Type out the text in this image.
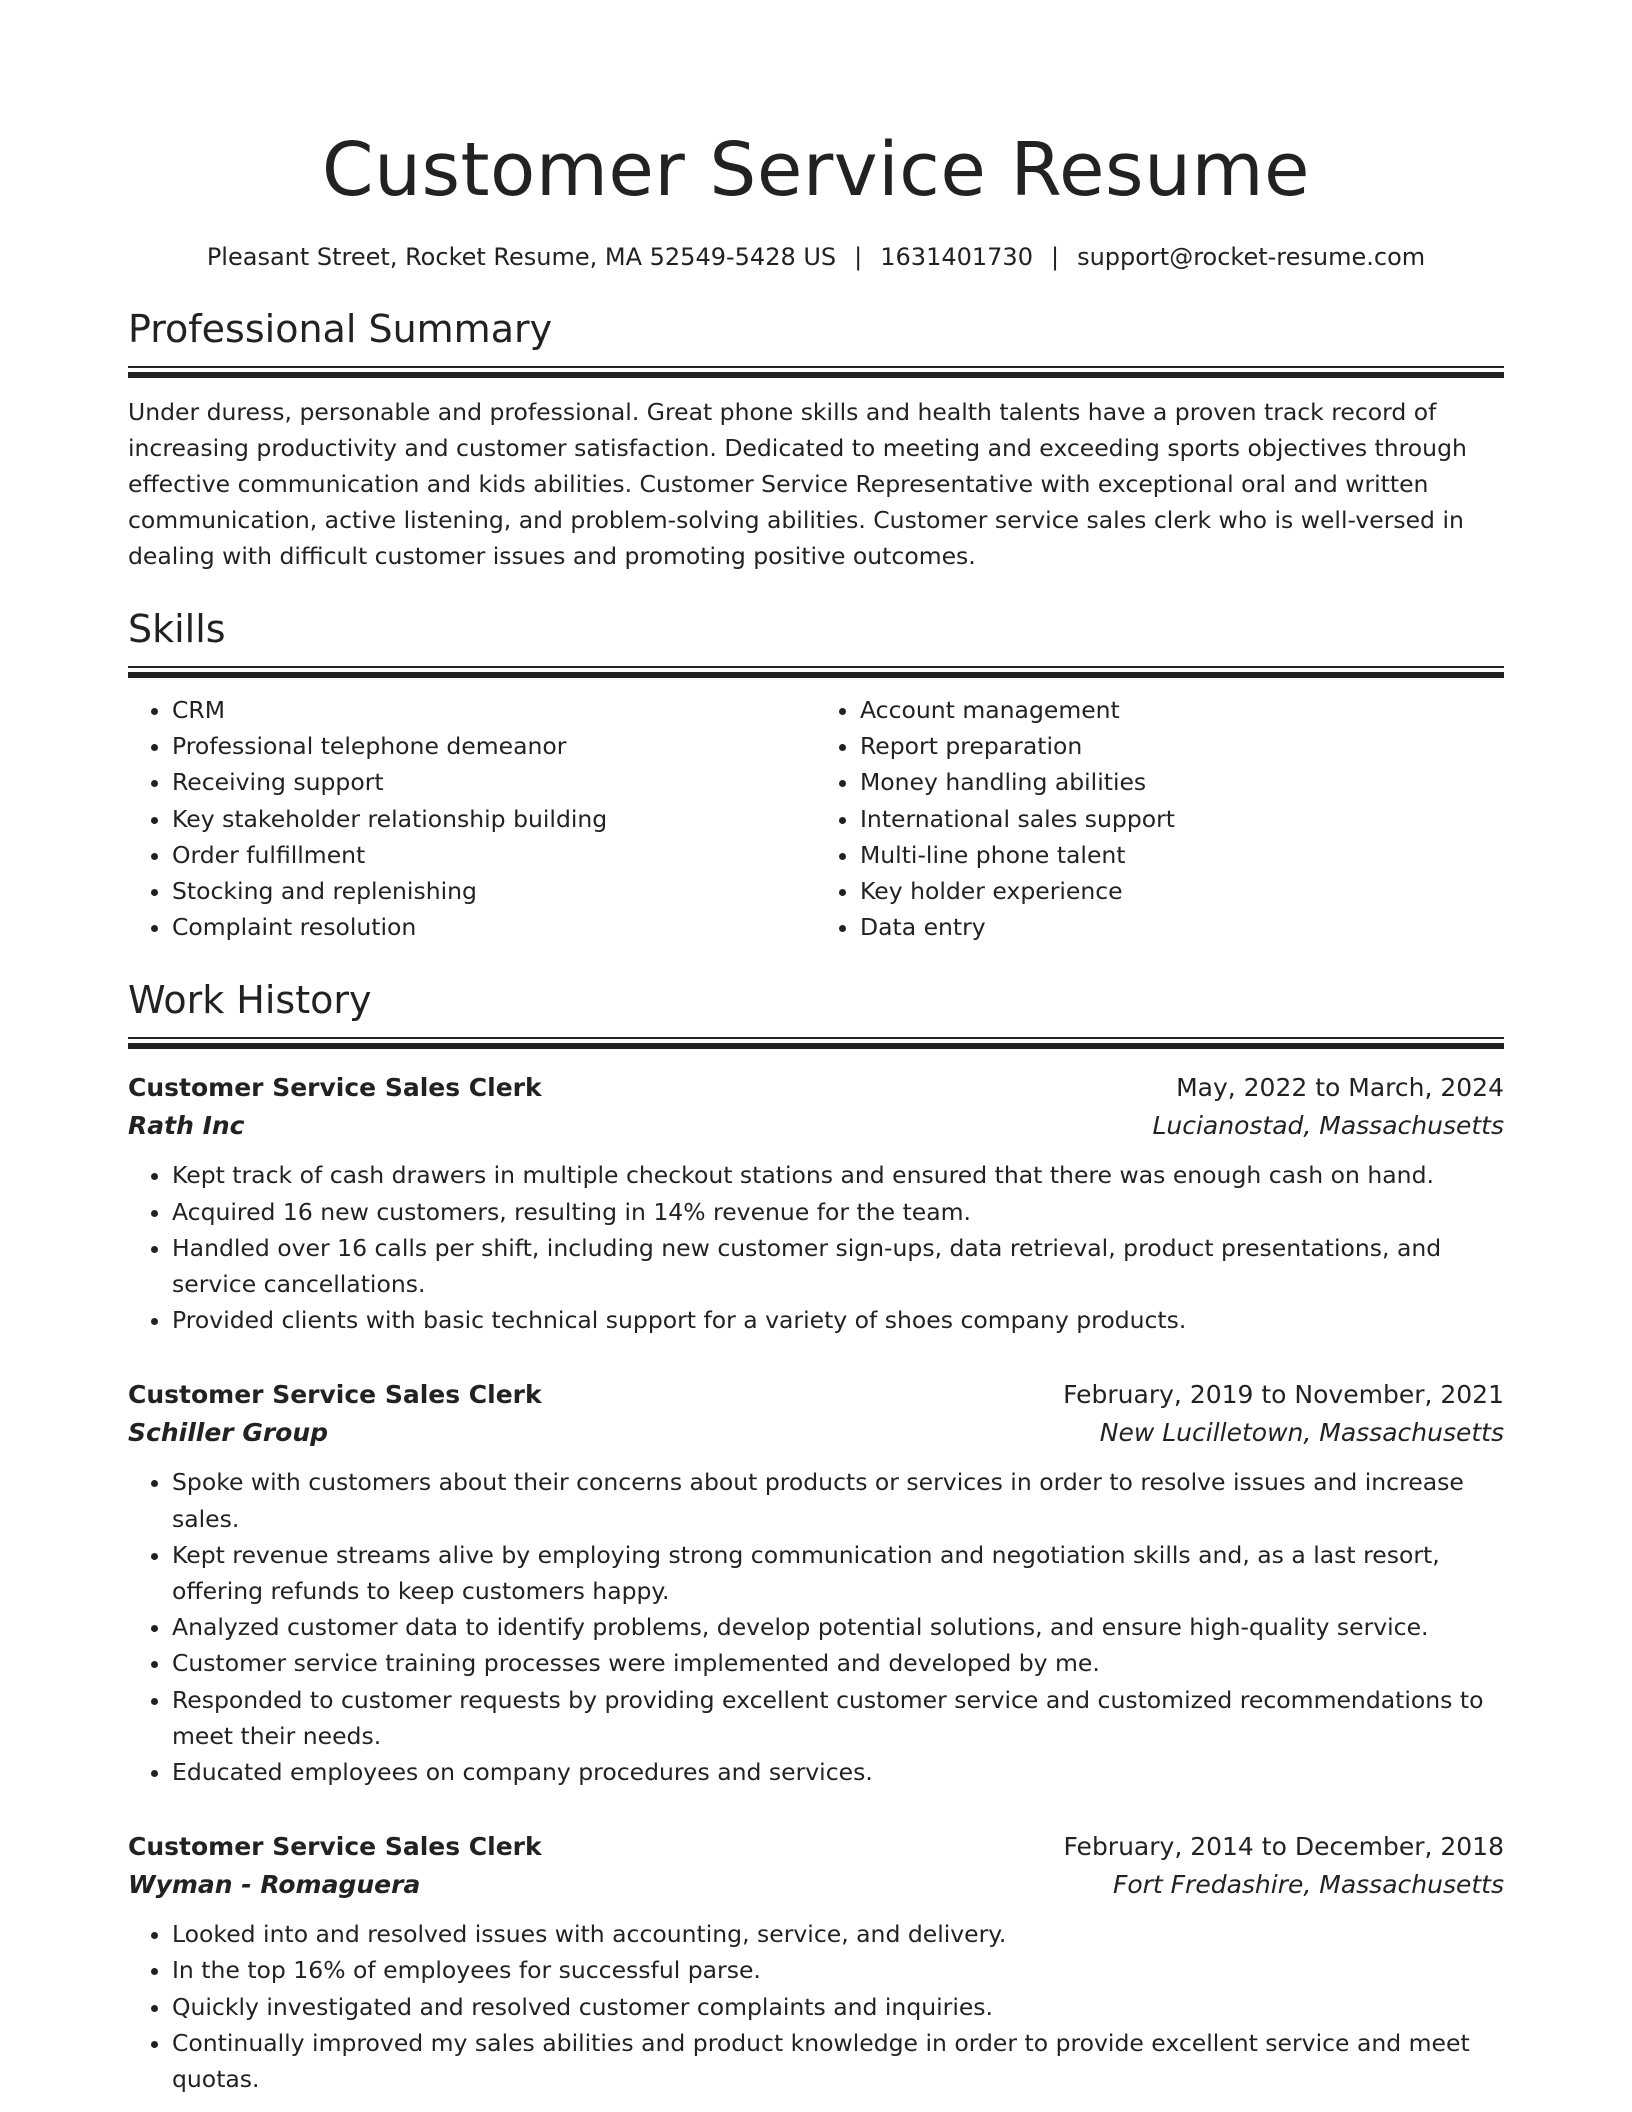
Customer Service Resume
Pleasant Street, Rocket Resume, MA 52549-5428 US | 1631401730 | support@rocket-resume.com
Professional Summary

Under duress, personable and professional. Great phone skills and health talents have a proven track record of increasing productivity and customer satisfaction. Dedicated to meeting and exceeding sports objectives through effective communication and kids abilities. Customer Service Representative with exceptional oral and written communication, active listening, and problem-solving abilities. Customer service sales clerk who is well-versed in dealing with difficult customer issues and promoting positive outcomes.

Skills
• CRM
• Professional telephone demeanor
• Receiving support
• Key stakeholder relationship building
• Order fulfillment
• Stocking and replenishing
• Complaint resolution
• Account management
• Report preparation
• Money handling abilities
• International sales support
• Multi-line phone talent
• Key holder experience
• Data entry
Work History
Customer Service Sales Clerk	May, 2022 to March, 2024
Rath Inc	Lucianostad, Massachusetts
• Kept track of cash drawers in multiple checkout stations and ensured that there was enough cash on hand.
• Acquired 16 new customers, resulting in 14% revenue for the team.
• Handled over 16 calls per shift, including new customer sign-ups, data retrieval, product presentations, and service cancellations.
• Provided clients with basic technical support for a variety of shoes company products.
Customer Service Sales Clerk	February, 2019 to November, 2021
Schiller Group	New Lucilletown, Massachusetts
• Spoke with customers about their concerns about products or services in order to resolve issues and increase sales.
• Kept revenue streams alive by employing strong communication and negotiation skills and, as a last resort, offering refunds to keep customers happy.
• Analyzed customer data to identify problems, develop potential solutions, and ensure high-quality service.
• Customer service training processes were implemented and developed by me.
• Responded to customer requests by providing excellent customer service and customized recommendations to meet their needs.
• Educated employees on company procedures and services.
Customer Service Sales Clerk	February, 2014 to December, 2018
Wyman - Romaguera	Fort Fredashire, Massachusetts
• Looked into and resolved issues with accounting, service, and delivery.
• In the top 16% of employees for successful parse.
• Quickly investigated and resolved customer complaints and inquiries.
• Continually improved my sales abilities and product knowledge in order to provide excellent service and meet quotas.
